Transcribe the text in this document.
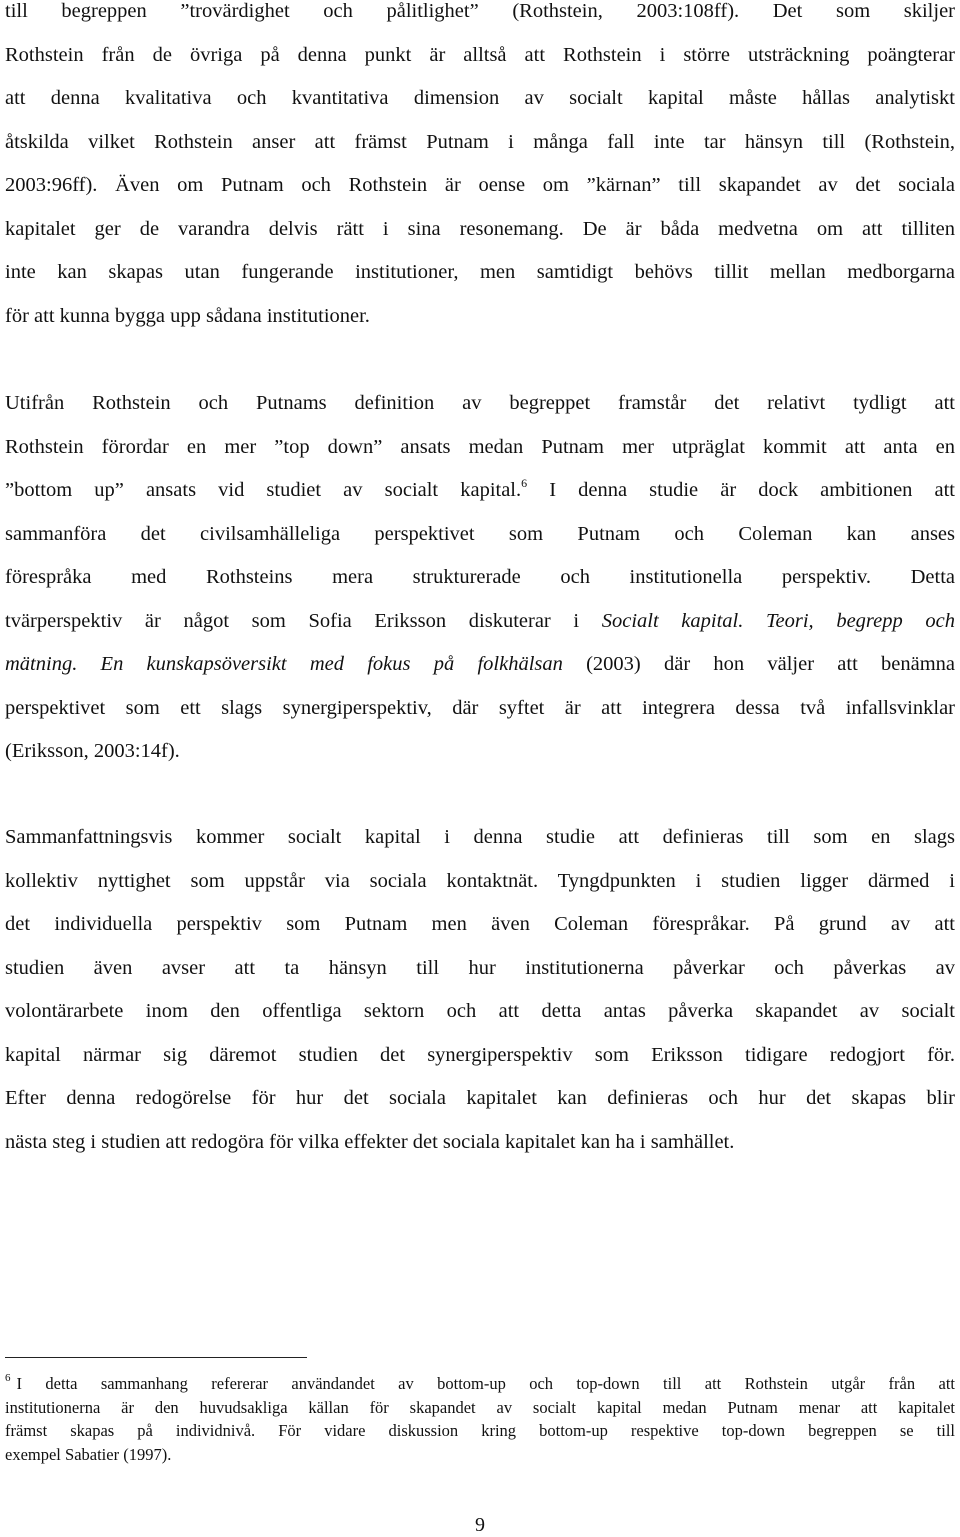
till begreppen ”trovärdighet och pålitlighet” (Rothstein, 2003:108ff). Det som skiljer
Rothstein från de övriga på denna punkt är alltså att Rothstein i större utsträckning poängterar
att denna kvalitativa och kvantitativa dimension av socialt kapital måste hållas analytiskt
åtskilda vilket Rothstein anser att främst Putnam i många fall inte tar hänsyn till (Rothstein,
2003:96ff). Även om Putnam och Rothstein är oense om ”kärnan” till skapandet av det sociala
kapitalet ger de varandra delvis rätt i sina resonemang. De är båda medvetna om att tilliten
inte kan skapas utan fungerande institutioner, men samtidigt behövs tillit mellan medborgarna
för att kunna bygga upp sådana institutioner.
Utifrån Rothstein och Putnams definition av begreppet framstår det relativt tydligt att
Rothstein förordar en mer ”top down” ansats medan Putnam mer utpräglat kommit att anta en
”bottom up” ansats vid studiet av socialt kapital.$^6$ I denna studie är dock ambitionen att
sammanföra det civilsamhälleliga perspektivet som Putnam och Coleman kan anses
förespråka med Rothsteins mera strukturerade och institutionella perspektiv. Detta
tvärperspektiv är något som Sofia Eriksson diskuterar i Socialt kapital. Teori, begrepp och
mätning. En kunskapsöversikt med fokus på folkhälsan (2003) där hon väljer att benämna
perspektivet som ett slags synergiperspektiv, där syftet är att integrera dessa två infallsvinklar
(Eriksson, 2003:14f).
Sammanfattningsvis kommer socialt kapital i denna studie att definieras till som en slags
kollektiv nyttighet som uppstår via sociala kontaktnät. Tyngdpunkten i studien ligger därmed i
det individuella perspektiv som Putnam men även Coleman förespråkar. På grund av att
studien även avser att ta hänsyn till hur institutionerna påverkar och påverkas av
volontärarbete inom den offentliga sektorn och att detta antas påverka skapandet av socialt
kapital närmar sig däremot studien det synergiperspektiv som Eriksson tidigare redogjort för.
Efter denna redogörelse för hur det sociala kapitalet kan definieras och hur det skapas blir
nästa steg i studien att redogöra för vilka effekter det sociala kapitalet kan ha i samhället.
$^6$ I detta sammanhang refererar användandet av bottom-up och top-down till att Rothstein utgår från att
institutionerna är den huvudsakliga källan för skapandet av socialt kapital medan Putnam menar att kapitalet
främst skapas på individnivå. För vidare diskussion kring bottom-up respektive top-down begreppen se till
exempel Sabatier (1997).

9
